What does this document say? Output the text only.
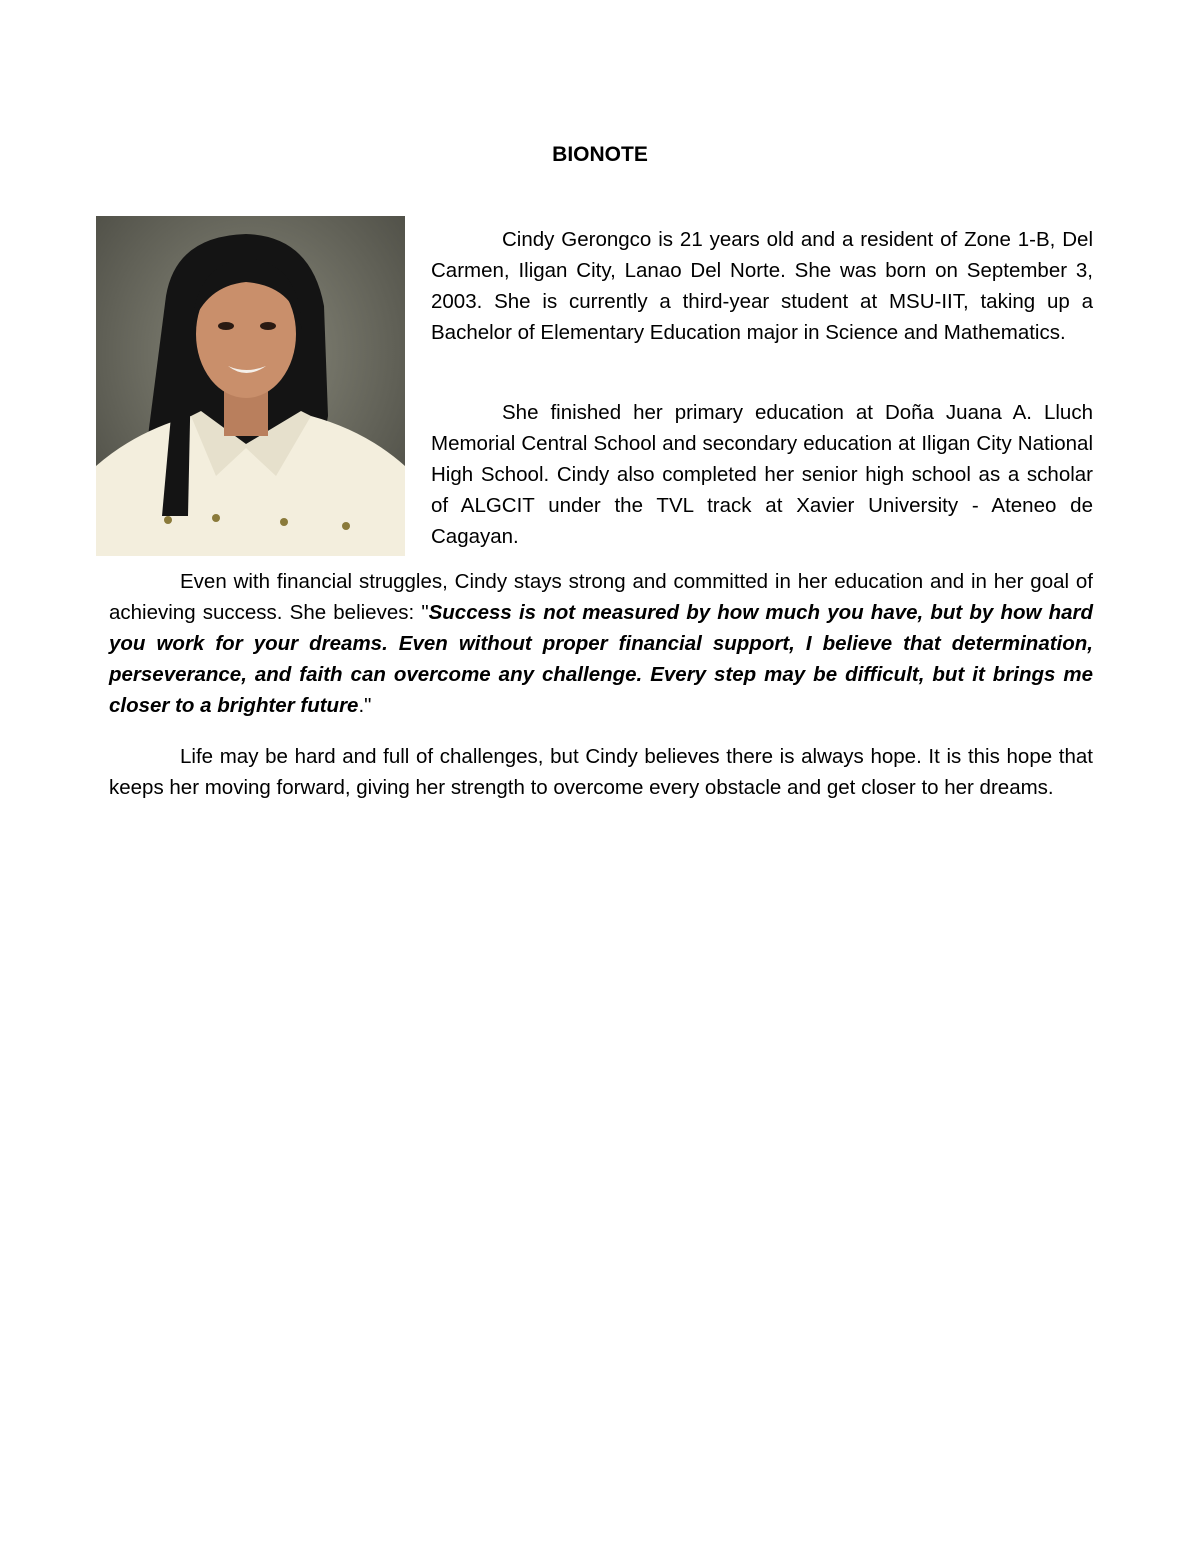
BIONOTE

Cindy Gerongco is 21 years old and a resident of Zone 1-B, Del Carmen, Iligan City, Lanao Del Norte. She was born on September 3, 2003. She is currently a third-year student at MSU-IIT, taking up a Bachelor of Elementary Education major in Science and Mathematics.

She finished her primary education at Doña Juana A. Lluch Memorial Central School and secondary education at Iligan City National High School. Cindy also completed her senior high school as a scholar of ALGCIT under the TVL track at Xavier University - Ateneo de Cagayan.

Even with financial struggles, Cindy stays strong and committed in her education and in her goal of achieving success. She believes: "Success is not measured by how much you have, but by how hard you work for your dreams. Even without proper financial support, I believe that determination, perseverance, and faith can overcome any challenge. Every step may be difficult, but it brings me closer to a brighter future."

Life may be hard and full of challenges, but Cindy believes there is always hope. It is this hope that keeps her moving forward, giving her strength to overcome every obstacle and get closer to her dreams.
